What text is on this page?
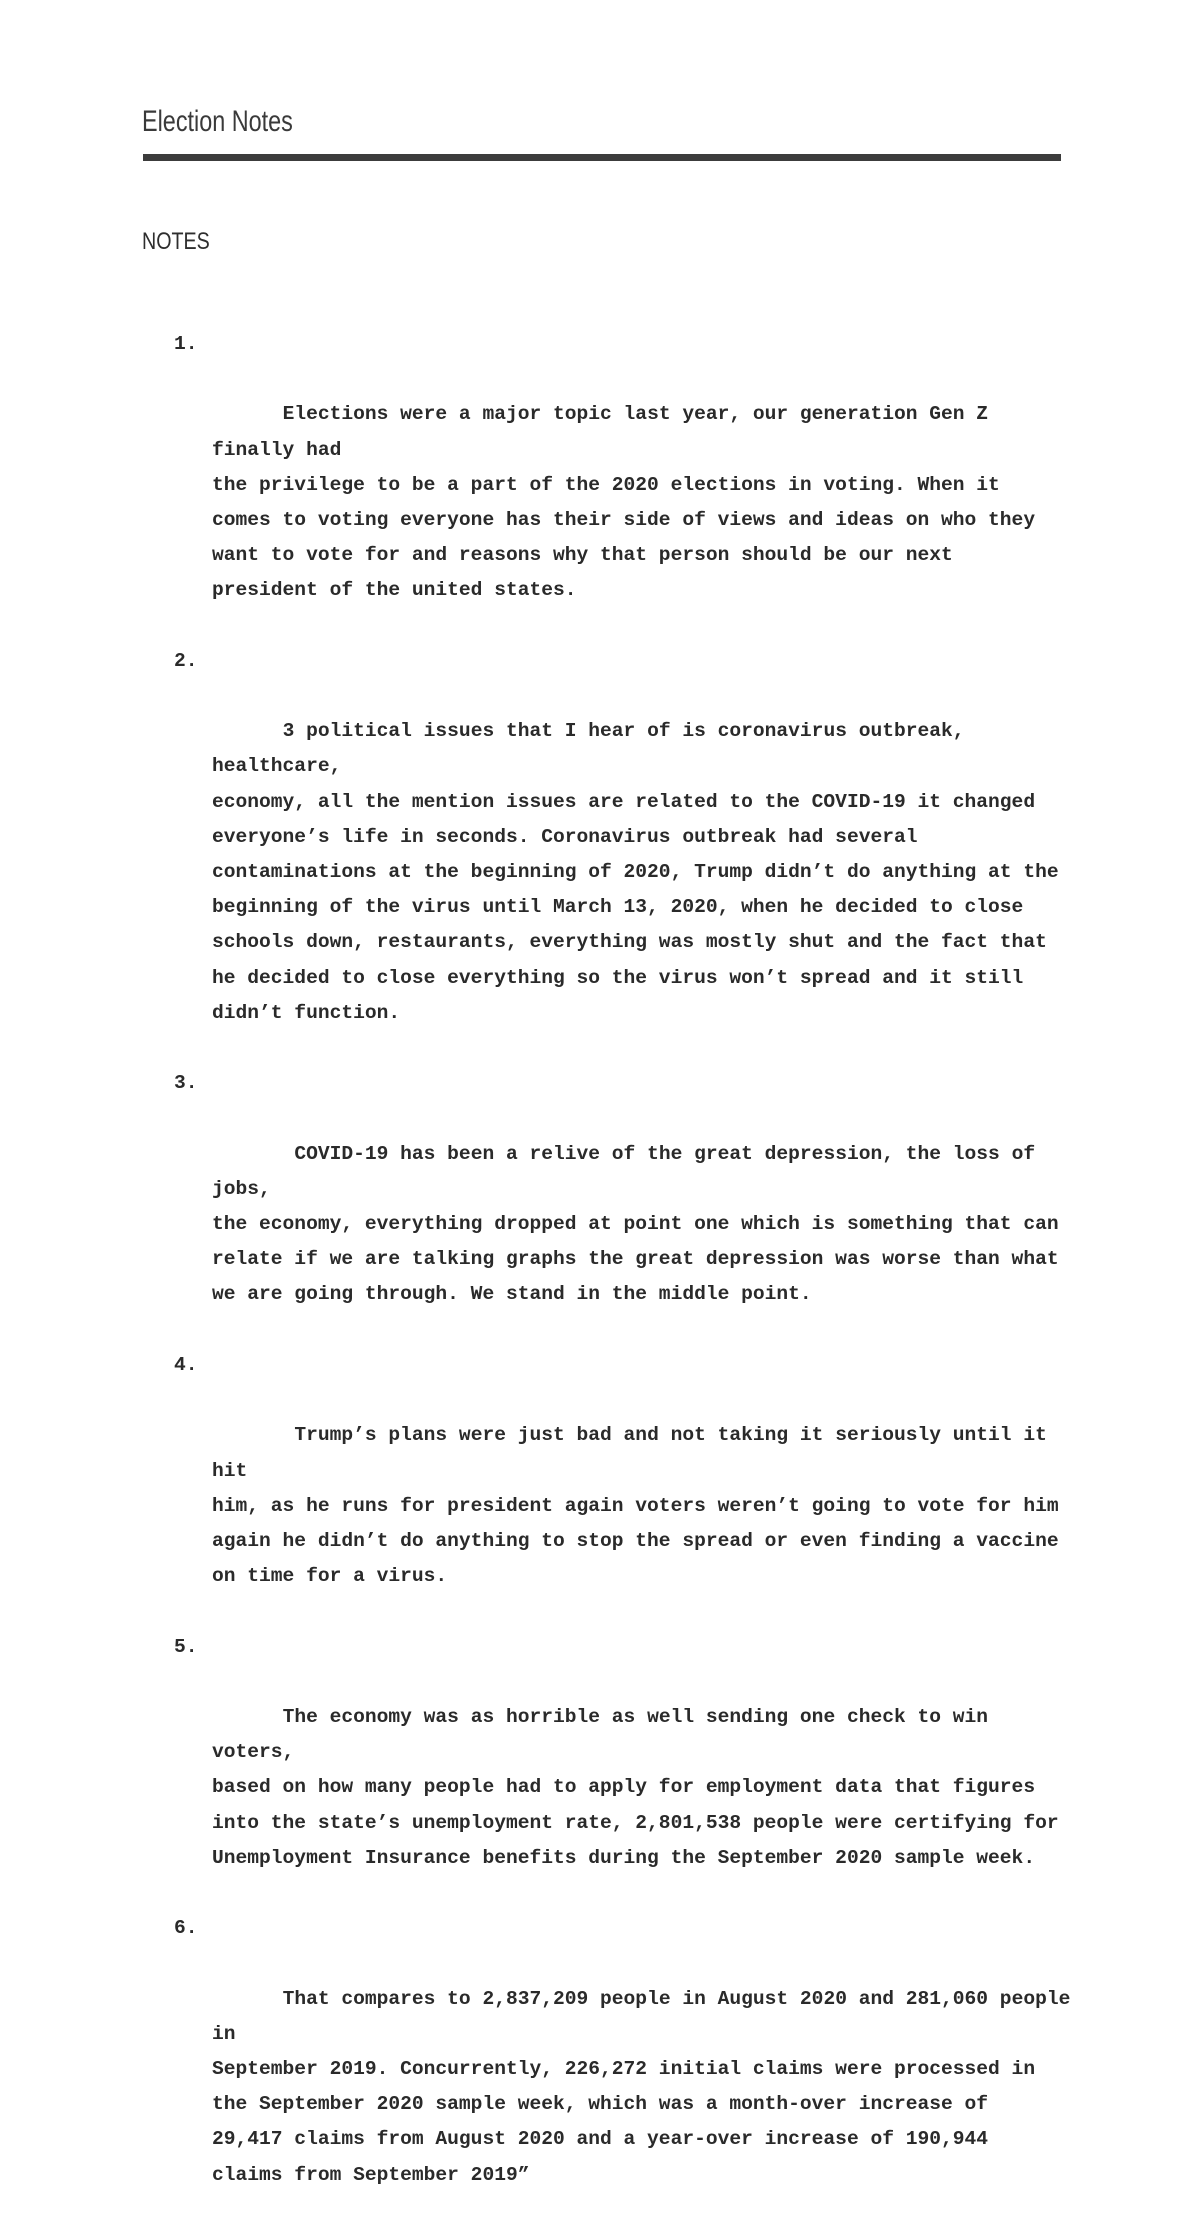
Election Notes
NOTES

1.

Elections were a major topic last year, our generation Gen Z finally had
the privilege to be a part of the 2020 elections in voting. When it
comes to voting everyone has their side of views and ideas on who they
want to vote for and reasons why that person should be our next
president of the united states.

2.

3 political issues that I hear of is coronavirus outbreak, healthcare,
economy, all the mention issues are related to the COVID-19 it changed
everyone’s life in seconds. Coronavirus outbreak had several
contaminations at the beginning of 2020, Trump didn’t do anything at the
beginning of the virus until March 13, 2020, when he decided to close
schools down, restaurants, everything was mostly shut and the fact that
he decided to close everything so the virus won’t spread and it still
didn’t function.

3.

COVID-19 has been a relive of the great depression, the loss of jobs,
the economy, everything dropped at point one which is something that can
relate if we are talking graphs the great depression was worse than what
we are going through. We stand in the middle point.

4.

Trump’s plans were just bad and not taking it seriously until it hit
him, as he runs for president again voters weren’t going to vote for him
again he didn’t do anything to stop the spread or even finding a vaccine
on time for a virus.

5.

The economy was as horrible as well sending one check to win voters,
based on how many people had to apply for employment data that figures
into the state’s unemployment rate, 2,801,538 people were certifying for
Unemployment Insurance benefits during the September 2020 sample week.

6.

That compares to 2,837,209 people in August 2020 and 281,060 people in
September 2019. Concurrently, 226,272 initial claims were processed in
the September 2020 sample week, which was a month-over increase of
29,417 claims from August 2020 and a year-over increase of 190,944
claims from September 2019”
